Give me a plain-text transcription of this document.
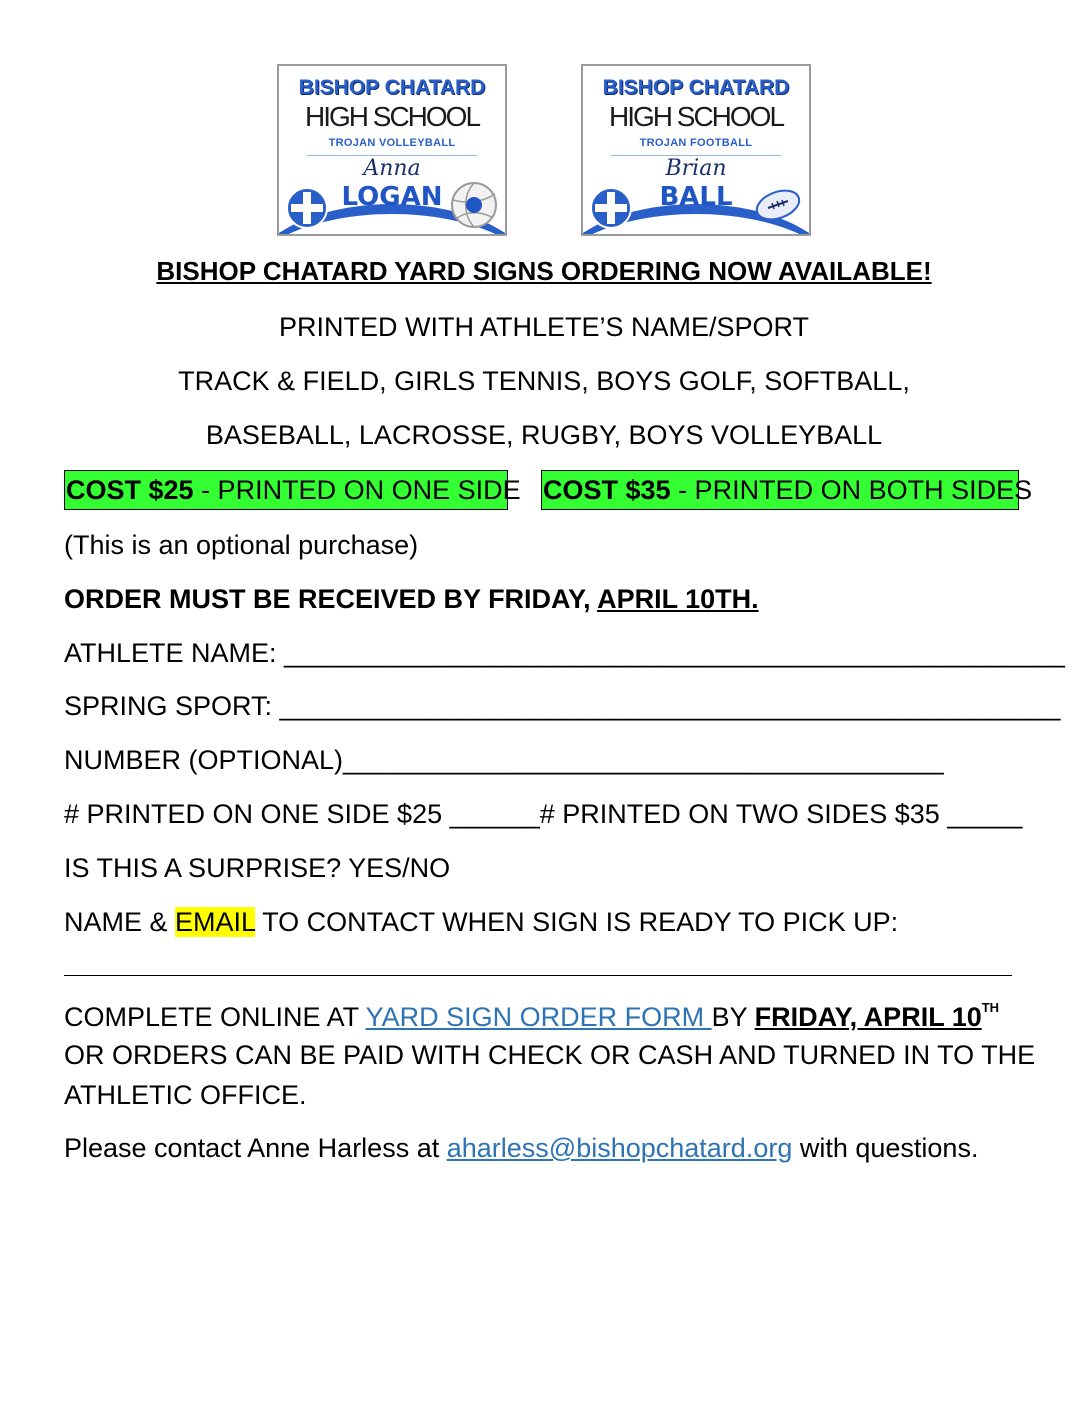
BISHOP CHATARD
HIGH SCHOOL
TROJAN VOLLEYBALL
Anna
LOGAN
BISHOP CHATARD
HIGH SCHOOL
TROJAN FOOTBALL
Brian
BALL
BISHOP CHATARD YARD SIGNS ORDERING NOW AVAILABLE!
PRINTED WITH ATHLETE’S NAME/SPORT
TRACK & FIELD, GIRLS TENNIS, BOYS GOLF, SOFTBALL,
BASEBALL, LACROSSE, RUGBY, BOYS VOLLEYBALL
COST $25 - PRINTED ON ONE SIDE COST $35 - PRINTED ON BOTH SIDES
(This is an optional purchase)
ORDER MUST BE RECEIVED BY FRIDAY, APRIL 10TH.
ATHLETE NAME: ____________________________________________________
SPRING SPORT: ____________________________________________________
NUMBER (OPTIONAL)________________________________________
# PRINTED ON ONE SIDE $25 ______# PRINTED ON TWO SIDES $35 _____
IS THIS A SURPRISE? YES/NO
NAME & EMAIL TO CONTACT WHEN SIGN IS READY TO PICK UP:
COMPLETE ONLINE AT YARD SIGN ORDER FORM BY FRIDAY, APRIL 10TH
OR ORDERS CAN BE PAID WITH CHECK OR CASH AND TURNED IN TO THE
ATHLETIC OFFICE.
Please contact Anne Harless at aharless@bishopchatard.org with questions.
